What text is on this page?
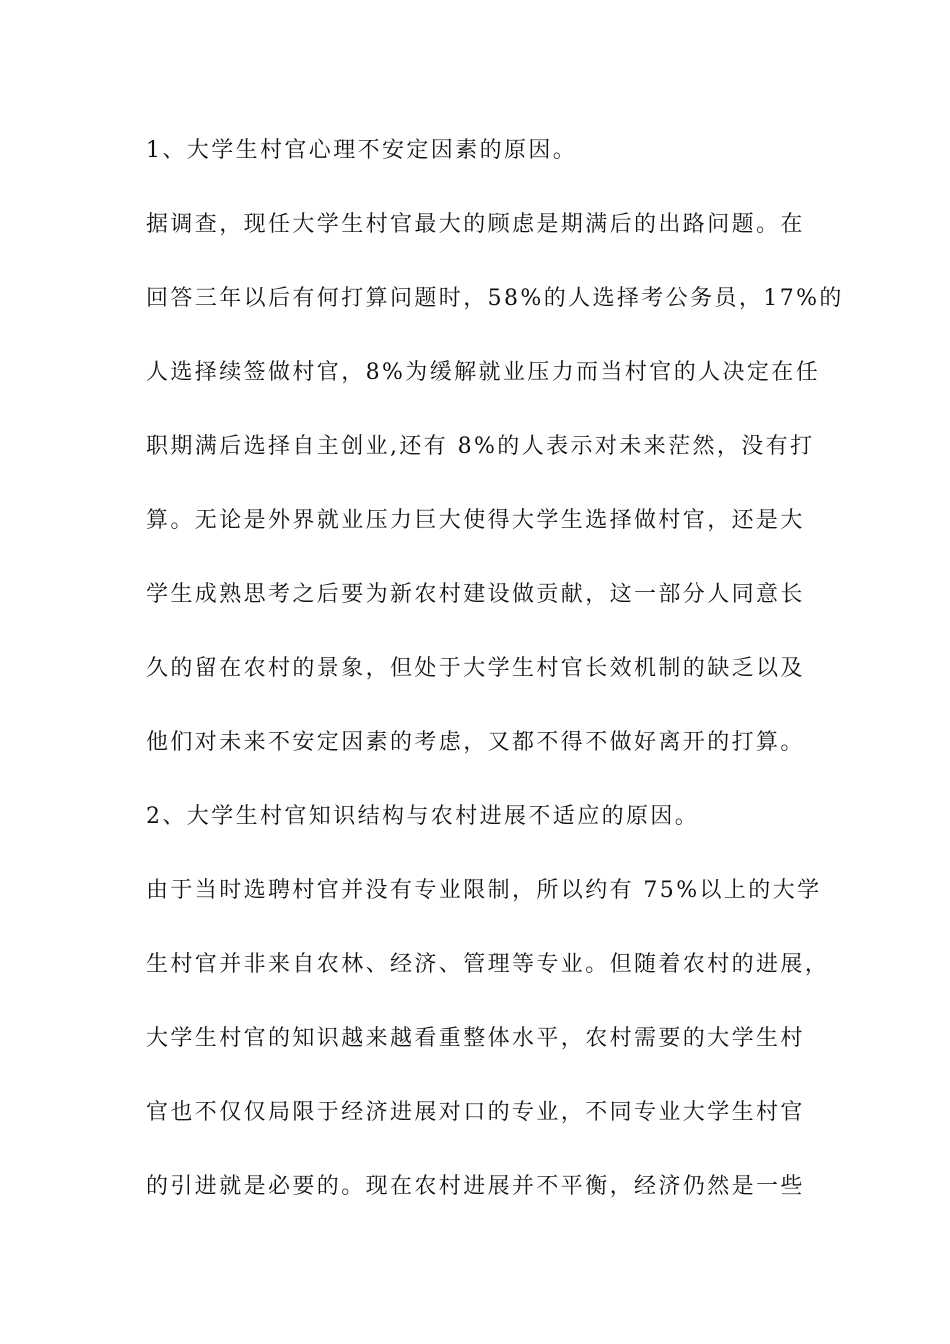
1、大学生村官心理不安定因素的原因。
据调查，现任大学生村官最大的顾虑是期满后的出路问题。在
回答三年以后有何打算问题时，58%的人选择考公务员，17%的
人选择续签做村官，8%为缓解就业压力而当村官的人决定在任
职期满后选择自主创业,还有 8%的人表示对未来茫然，没有打
算。无论是外界就业压力巨大使得大学生选择做村官，还是大
学生成熟思考之后要为新农村建设做贡献，这一部分人同意长
久的留在农村的景象，但处于大学生村官长效机制的缺乏以及
他们对未来不安定因素的考虑，又都不得不做好离开的打算。
2、大学生村官知识结构与农村进展不适应的原因。
由于当时选聘村官并没有专业限制，所以约有 75%以上的大学
生村官并非来自农林、经济、管理等专业。但随着农村的进展，
大学生村官的知识越来越看重整体水平，农村需要的大学生村
官也不仅仅局限于经济进展对口的专业，不同专业大学生村官
的引进就是必要的。现在农村进展并不平衡，经济仍然是一些
